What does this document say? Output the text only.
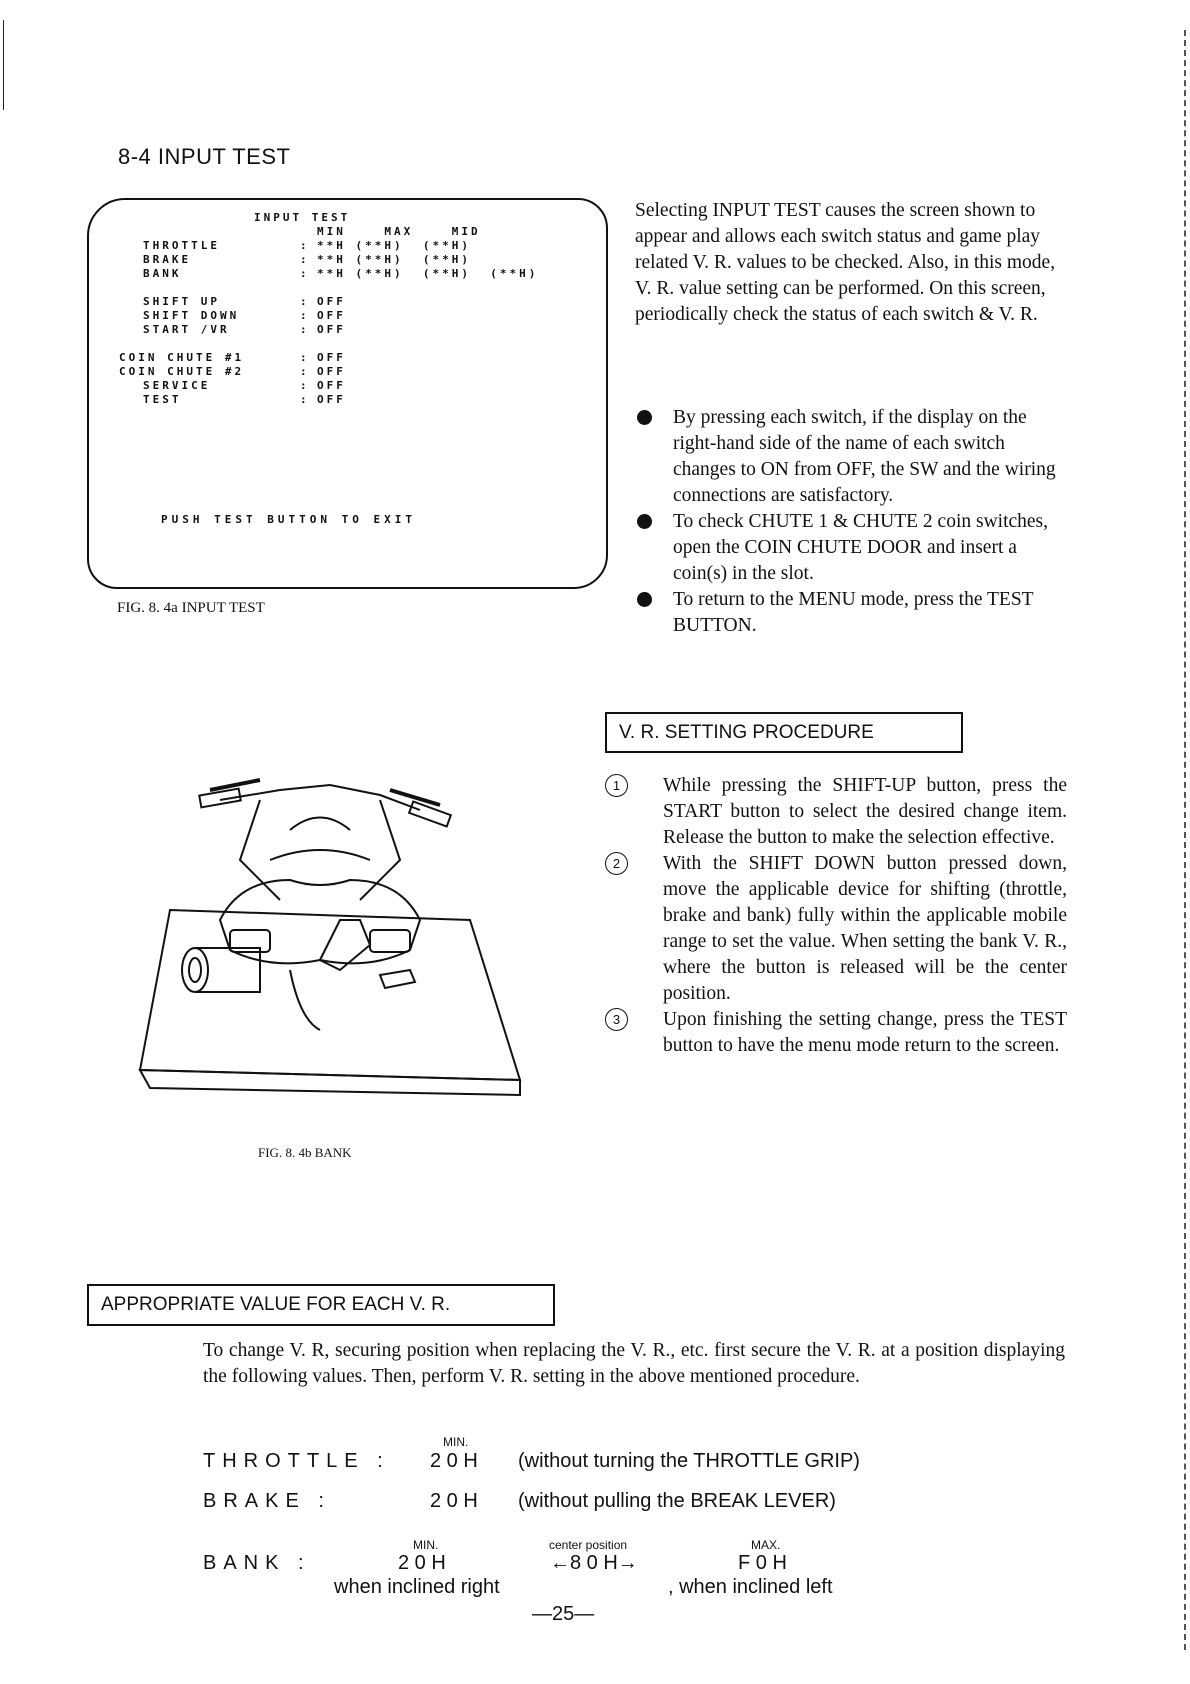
8-4 INPUT TEST
INPUT TEST
MIN    MAX    MID
THROTTLE	: **H (**H)  (**H)
BRAKE	: **H (**H)  (**H)
BANK	: **H (**H)  (**H)  (**H)
SHIFT UP	: OFF
SHIFT DOWN	: OFF
START /VR	: OFF
COIN CHUTE #1	: OFF
COIN CHUTE #2	: OFF
SERVICE	: OFF
TEST	: OFF
PUSH TEST BUTTON TO EXIT
FIG. 8. 4a INPUT TEST
Selecting INPUT TEST causes the screen shown to appear and allows each switch status and game play related V. R. values to be checked. Also, in this mode, V. R. value setting can be performed. On this screen, periodically check the status of each switch & V. R.
By pressing each switch, if the display on the right-hand side of the name of each switch changes to ON from OFF, the SW and the wiring connections are satisfactory.
To check CHUTE 1 & CHUTE 2 coin switches, open the COIN CHUTE DOOR and insert a coin(s) in the slot.
To return to the MENU mode, press the TEST BUTTON.
V. R. SETTING PROCEDURE
1	While pressing the SHIFT-UP button, press the START button to select the desired change item. Release the button to make the selection effective.
2	With the SHIFT DOWN button pressed down, move the applicable device for shifting (throttle, brake and bank) fully within the applicable mobile range to set the value. When setting the bank V. R., where the button is released will be the center position.
3	Upon finishing the setting change, press the TEST button to have the menu mode return to the screen.
FIG. 8. 4b BANK
APPROPRIATE VALUE FOR EACH V. R.
To change V. R, securing position when replacing the V. R., etc. first secure the V. R. at a position displaying the following values. Then, perform V. R. setting in the above mentioned procedure.
MIN.
THROTTLE : 2 0 H (without turning the THROTTLE GRIP)
BRAKE :	2 0 H (without pulling the BREAK LEVER)
MIN.	center position	MAX.
BANK :	2 0 H	←8 0 H→	F 0 H
when inclined right	, when inclined left
—25—
